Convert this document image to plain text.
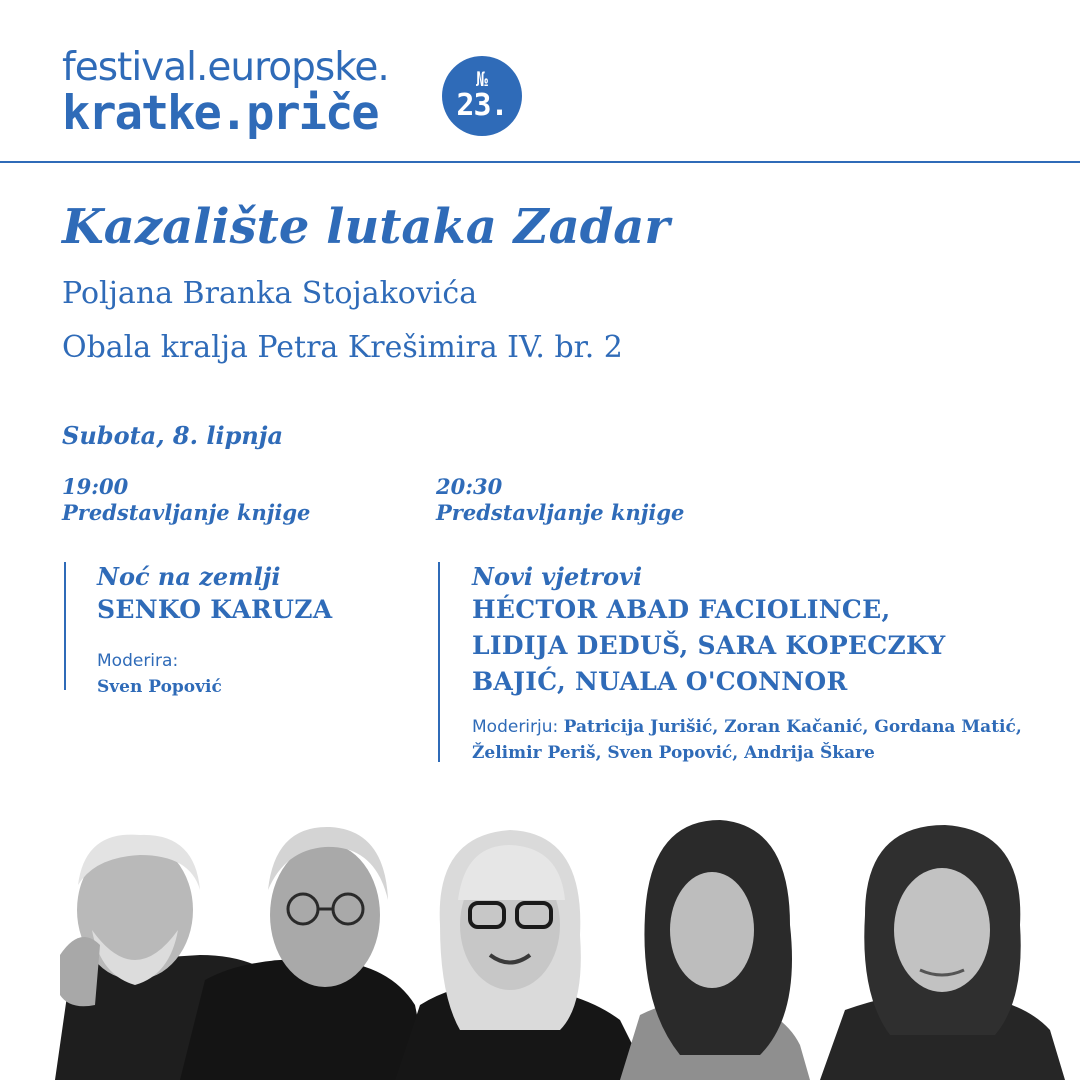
festival.europske.
kratke.priče
№
23.
Kazalište lutaka Zadar
Poljana Branka Stojakovića
Obala kralja Petra Krešimira IV. br. 2
Subota, 8. lipnja
19:00
Predstavljanje knjige
20:30
Predstavljanje knjige
Noć na zemlji
SENKO KARUZA
Moderira:
Sven Popović
Novi vjetrovi
HÉCTOR ABAD FACIOLINCE,
LIDIJA DEDUŠ, SARA KOPECZKY
BAJIĆ, NUALA O'CONNOR
Moderirju: Patricija Jurišić, Zoran Kačanić, Gordana Matić, Želimir Periš, Sven Popović, Andrija Škare
